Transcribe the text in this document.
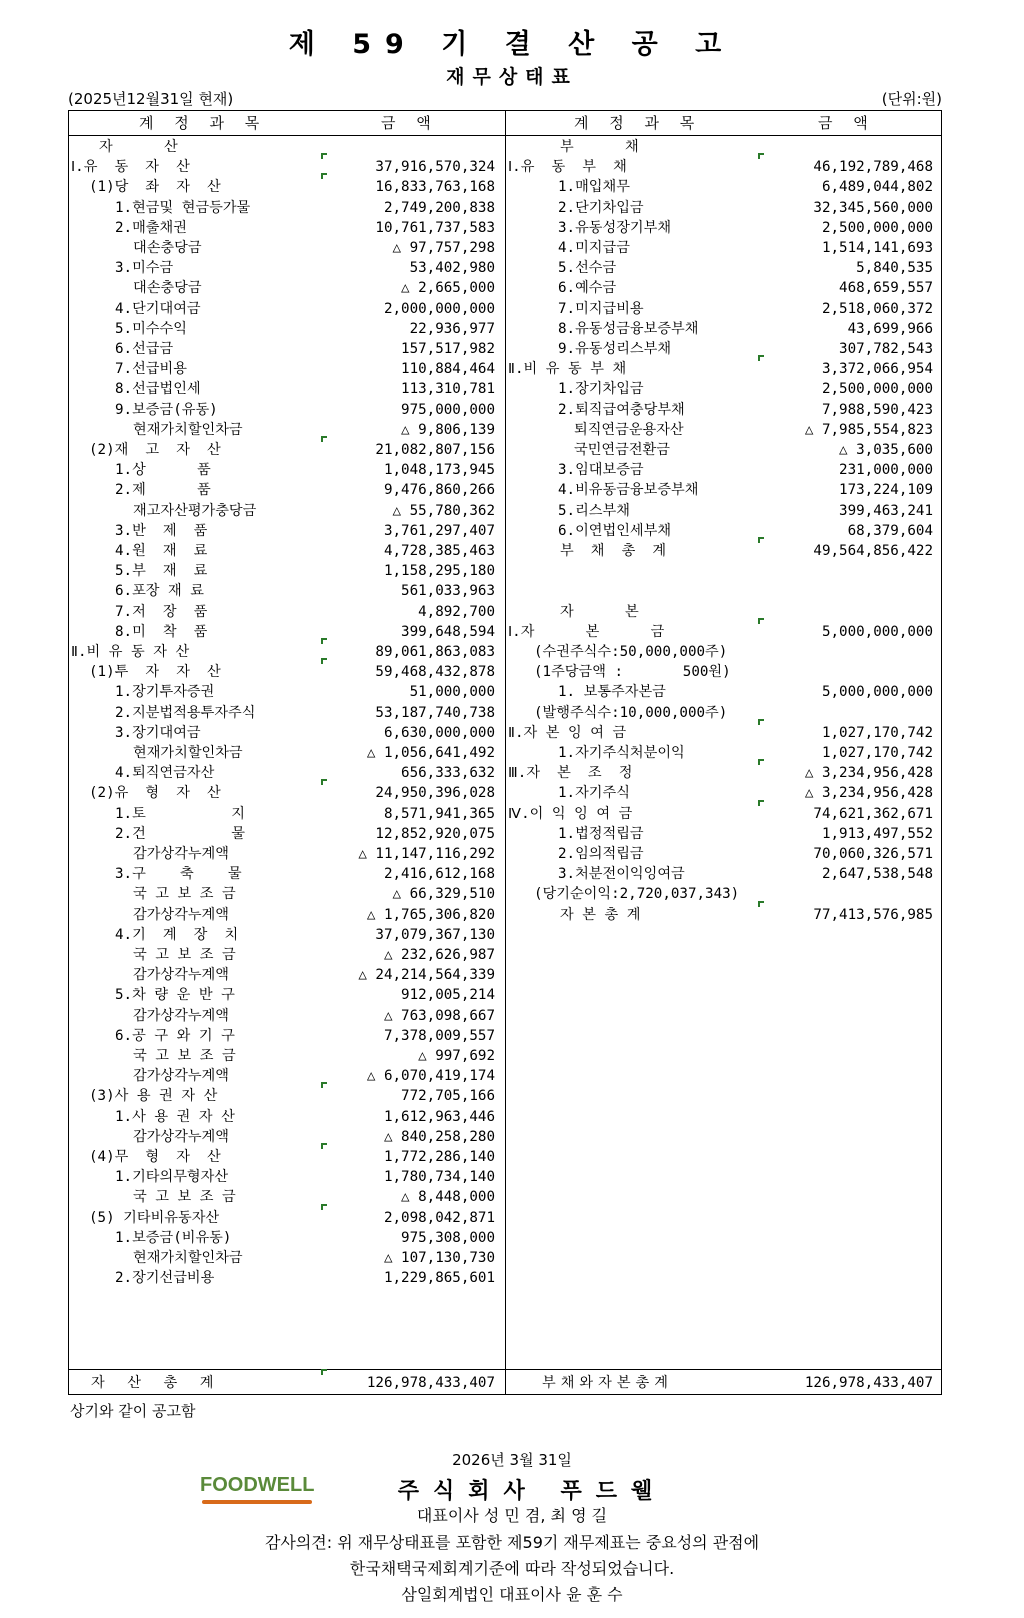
제 59 기 결 산 공 고
재무상태표
(2025년12월31일 현재)	(단위:원)
계 정 과 목	금 액
자      산
Ⅰ.유  동  자  산	37,916,570,324
(1)당  좌  자  산	16,833,763,168
1.현금및 현금등가물	2,749,200,838
2.매출채권	10,761,737,583
대손충당금	△ 97,757,298
3.미수금	53,402,980
대손충당금	△ 2,665,000
4.단기대여금	2,000,000,000
5.미수수익	22,936,977
6.선급금	157,517,982
7.선급비용	110,884,464
8.선급법인세	113,310,781
9.보증금(유동)	975,000,000
현재가치할인차금	△ 9,806,139
(2)재  고  자  산	21,082,807,156
1.상      품	1,048,173,945
2.제      품	9,476,860,266
재고자산평가충당금	△ 55,780,362
3.반  제  품	3,761,297,407
4.원  재  료	4,728,385,463
5.부  재  료	1,158,295,180
6.포장 재 료	561,033,963
7.저  장  품	4,892,700
8.미  착  품	399,648,594
Ⅱ.비 유 동 자 산	89,061,863,083
(1)투  자  자  산	59,468,432,878
1.장기투자증권	51,000,000
2.지분법적용투자주식	53,187,740,738
3.장기대여금	6,630,000,000
현재가치할인차금	△ 1,056,641,492
4.퇴직연금자산	656,333,632
(2)유  형  자  산	24,950,396,028
1.토          지	8,571,941,365
2.건          물	12,852,920,075
감가상각누계액	△ 11,147,116,292
3.구    축    물	2,416,612,168
국 고 보 조 금	△ 66,329,510
감가상각누계액	△ 1,765,306,820
4.기  계  장  치	37,079,367,130
국 고 보 조 금	△ 232,626,987
감가상각누계액	△ 24,214,564,339
5.차 량 운 반 구	912,005,214
감가상각누계액	△ 763,098,667
6.공 구 와 기 구	7,378,009,557
국 고 보 조 금	△ 997,692
감가상각누계액	△ 6,070,419,174
(3)사 용 권 자 산	772,705,166
1.사 용 권 자 산	1,612,963,446
감가상각누계액	△ 840,258,280
(4)무  형  자  산	1,772,286,140
1.기타의무형자산	1,780,734,140
국 고 보 조 금	△ 8,448,000
(5) 기타비유동자산	2,098,042,871
1.보증금(비유동)	975,308,000
현재가치할인차금	△ 107,130,730
2.장기선급비용	1,229,865,601
계 정 과 목	금 액
부      채
Ⅰ.유  동  부  채	46,192,789,468
1.매입채무	6,489,044,802
2.단기차입금	32,345,560,000
3.유동성장기부채	2,500,000,000
4.미지급금	1,514,141,693
5.선수금	5,840,535
6.예수금	468,659,557
7.미지급비용	2,518,060,372
8.유동성금융보증부채	43,699,966
9.유동성리스부채	307,782,543
Ⅱ.비 유 동 부 채	3,372,066,954
1.장기차입금	2,500,000,000
2.퇴직급여충당부채	7,988,590,423
퇴직연금운용자산	△ 7,985,554,823
국민연금전환금	△ 3,035,600
3.임대보증금	231,000,000
4.비유동금융보증부채	173,224,109
5.리스부채	399,463,241
6.이연법인세부채	68,379,604
부  채  총  계	49,564,856,422
자      본
Ⅰ.자      본      금	5,000,000,000
(수권주식수:50,000,000주)
(1주당금액 :       500원)
1. 보통주자본금	5,000,000,000
(발행주식수:10,000,000주)
Ⅱ.자 본 잉 여 금	1,027,170,742
1.자기주식처분이익	1,027,170,742
Ⅲ.자  본  조  정	△ 3,234,956,428
1.자기주식	△ 3,234,956,428
Ⅳ.이 익 잉 여 금	74,621,362,671
1.법정적립금	1,913,497,552
2.임의적립금	70,060,326,571
3.처분전이익잉여금	2,647,538,548
(당기순이익:2,720,037,343)
자 본 총 계	77,413,576,985
자 산 총 계	126,978,433,407	부채와자본총계	126,978,433,407
상기와 같이 공고함
2026년 3월 31일
FOODWELL	주식회사 푸드웰
대표이사 성 민 겸, 최 영 길
감사의견: 위 재무상태표를 포함한 제59기 재무제표는 중요성의 관점에
한국채택국제회계기준에 따라 작성되었습니다.
삼일회계법인 대표이사 윤 훈 수
